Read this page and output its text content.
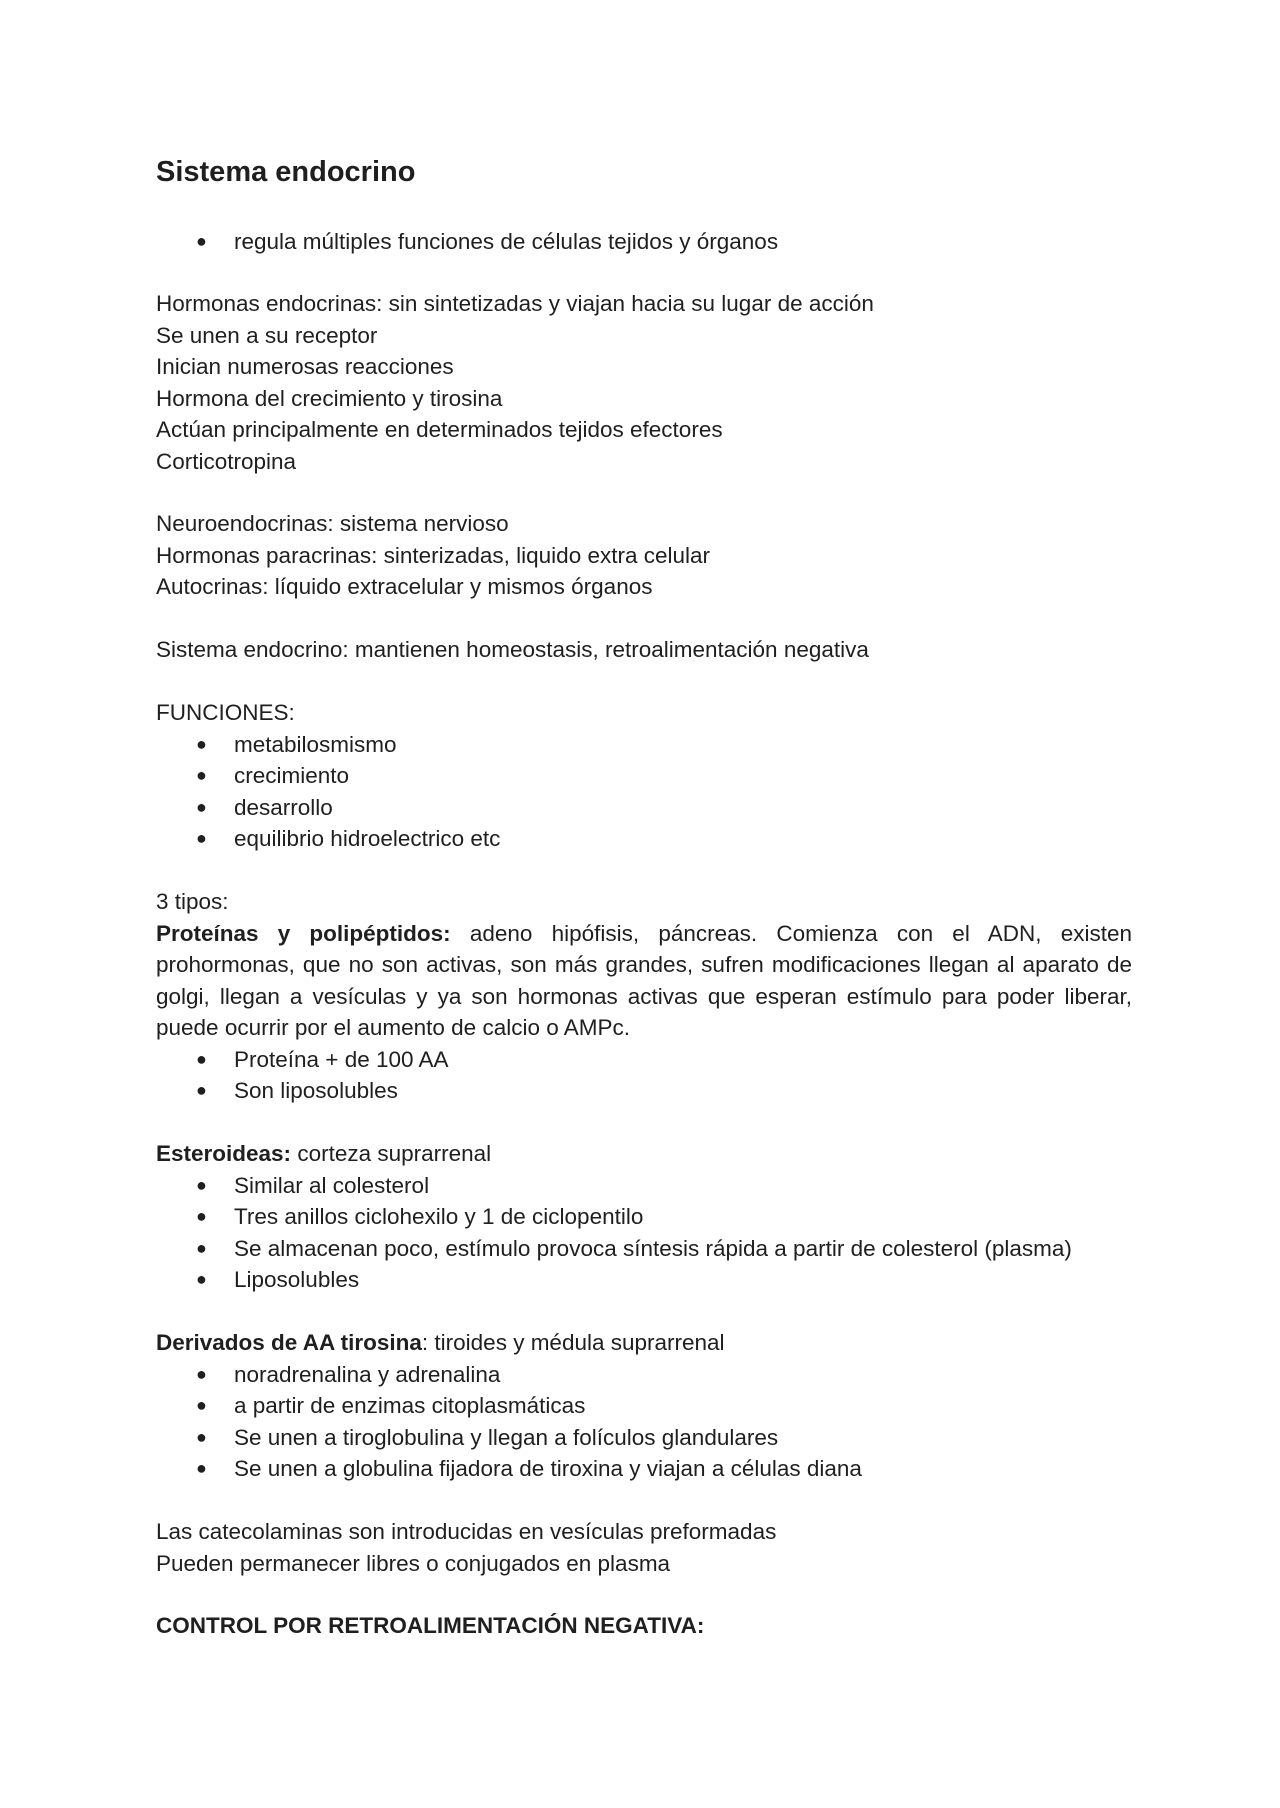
Sistema endocrino
● regula múltiples funciones de células tejidos y órganos
Hormonas endocrinas: sin sintetizadas y viajan hacia su lugar de acción
Se unen a su receptor
Inician numerosas reacciones
Hormona del crecimiento y tirosina
Actúan principalmente en determinados tejidos efectores
Corticotropina
Neuroendocrinas: sistema nervioso
Hormonas paracrinas: sinterizadas, liquido extra celular
Autocrinas: líquido extracelular y mismos órganos
Sistema endocrino: mantienen homeostasis, retroalimentación negativa
FUNCIONES:
● metabilosmismo
● crecimiento
● desarrollo
● equilibrio hidroelectrico etc
3 tipos:
Proteínas y polipéptidos: adeno hipófisis, páncreas. Comienza con el ADN, existen prohormonas, que no son activas, son más grandes, sufren modificaciones llegan al aparato de golgi, llegan a vesículas y ya son hormonas activas que esperan estímulo para poder liberar, puede ocurrir por el aumento de calcio o AMPc.
● Proteína + de 100 AA
● Son liposolubles
Esteroideas: corteza suprarrenal
● Similar al colesterol
● Tres anillos ciclohexilo y 1 de ciclopentilo
● Se almacenan poco, estímulo provoca síntesis rápida a partir de colesterol (plasma)
● Liposolubles
Derivados de AA tirosina: tiroides y médula suprarrenal
● noradrenalina y adrenalina
● a partir de enzimas citoplasmáticas
● Se unen a tiroglobulina y llegan a folículos glandulares
● Se unen a globulina fijadora de tiroxina y viajan a células diana
Las catecolaminas son introducidas en vesículas preformadas
Pueden permanecer libres o conjugados en plasma
CONTROL POR RETROALIMENTACIÓN NEGATIVA:
